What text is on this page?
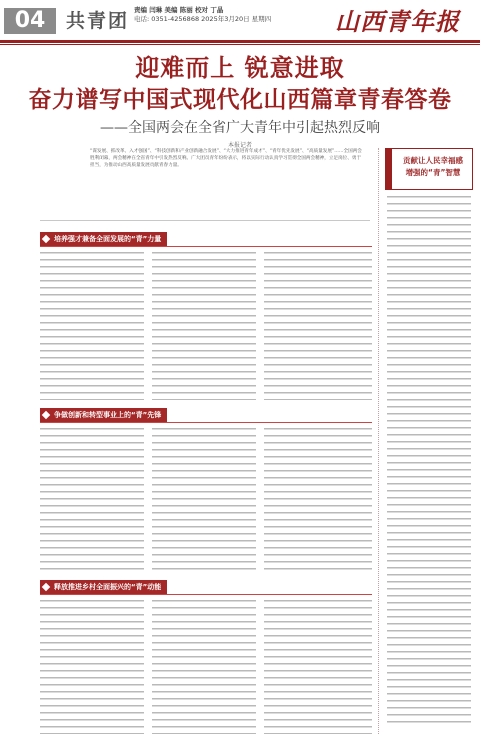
04	共青团 责编 闫琳 美编 陈丽 校对 丁晶
电话: 0351-4256868 2025年3月20日 星期四	山西青年报
迎难而上 锐意进取
奋力谱写中国式现代化山西篇章青春答卷
——全国两会在全省广大青年中引起热烈反响
本报记者
“谋发展、抓改革、入才强国”、“科技创新和产业创新融合发展”、“大力推进青年成才”、“青年优先发展”、“高质量发展”……全国两会胜利闭幕，两会精神在全省青年中引发热烈反响。广大团员青年纷纷表示，将以实际行动认真学习贯彻全国两会精神，立足岗位、勇于担当，为推动山西高质量发展贡献青春力量。
培养强才兼备全面发展的“青”力量
争做创新和转型事业上的“青”先锋
释放推进乡村全面振兴的“青”动能
贡献让人民幸福感
增强的“青”智慧
